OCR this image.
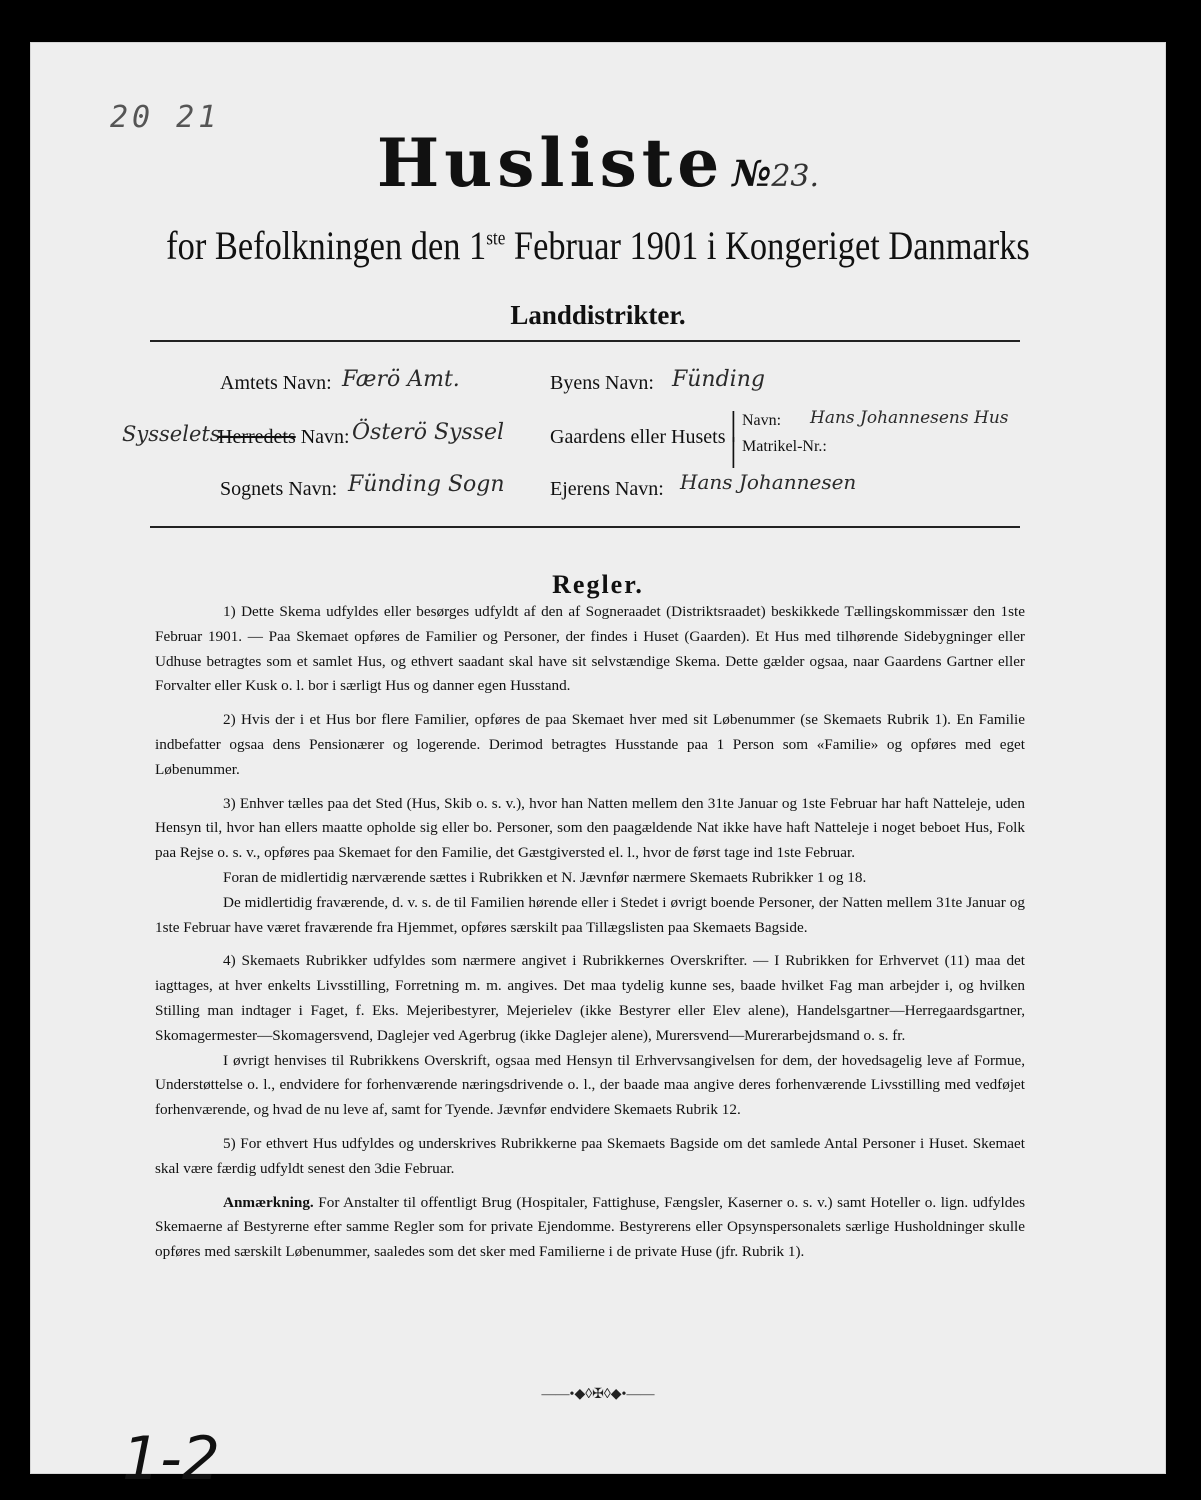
20 21
Husliste №23.
for Befolkningen den 1ste Februar 1901 i Kongeriget Danmarks
Landdistrikter.
Amtets Navn: Færö Amt.	Byens Navn: Fünding
Sysselets
Herredets Navn: Österö Syssel Gaardens eller Husets |
|
Navn: Hans Johannesens Hus
Matrikel-Nr.:
Sognets Navn: Fünding Sogn Ejerens Navn: Hans Johannesen
Regler.

1) Dette Skema udfyldes eller besørges udfyldt af den af Sogneraadet (Distriktsraadet) beskikkede Tællingskommissær den 1ste Februar 1901. — Paa Skemaet opføres de Familier og Personer, der findes i Huset (Gaarden). Et Hus med tilhørende Sidebygninger eller Udhuse betragtes som et samlet Hus, og ethvert saadant skal have sit selvstændige Skema. Dette gælder ogsaa, naar Gaardens Gartner eller Forvalter eller Kusk o. l. bor i særligt Hus og danner egen Husstand.

2) Hvis der i et Hus bor flere Familier, opføres de paa Skemaet hver med sit Løbenummer (se Skemaets Rubrik 1). En Familie indbefatter ogsaa dens Pensionærer og logerende. Derimod betragtes Husstande paa 1 Person som «Familie» og opføres med eget Løbenummer.

3) Enhver tælles paa det Sted (Hus, Skib o. s. v.), hvor han Natten mellem den 31te Januar og 1ste Februar har haft Natteleje, uden Hensyn til, hvor han ellers maatte opholde sig eller bo. Personer, som den paagældende Nat ikke have haft Natteleje i noget beboet Hus, Folk paa Rejse o. s. v., opføres paa Skemaet for den Familie, det Gæstgiversted el. l., hvor de først tage ind 1ste Februar.

Foran de midlertidig nærværende sættes i Rubrikken et N. Jævnfør nærmere Skemaets Rubrikker 1 og 18.

De midlertidig fraværende, d. v. s. de til Familien hørende eller i Stedet i øvrigt boende Personer, der Natten mellem 31te Januar og 1ste Februar have været fraværende fra Hjemmet, opføres særskilt paa Tillægslisten paa Skemaets Bagside.

4) Skemaets Rubrikker udfyldes som nærmere angivet i Rubrikkernes Overskrifter. — I Rubrikken for Erhvervet (11) maa det iagttages, at hver enkelts Livsstilling, Forretning m. m. angives. Det maa tydelig kunne ses, baade hvilket Fag man arbejder i, og hvilken Stilling man indtager i Faget, f. Eks. Mejeribestyrer, Mejerielev (ikke Bestyrer eller Elev alene), Handelsgartner—Herregaardsgartner, Skomagermester—Skomagersvend, Daglejer ved Agerbrug (ikke Daglejer alene), Murersvend—Murerarbejdsmand o. s. fr.

I øvrigt henvises til Rubrikkens Overskrift, ogsaa med Hensyn til Erhvervsangivelsen for dem, der hovedsagelig leve af Formue, Understøttelse o. l., endvidere for forhenværende næringsdrivende o. l., der baade maa angive deres forhenværende Livsstilling med vedføjet forhenværende, og hvad de nu leve af, samt for Tyende. Jævnfør endvidere Skemaets Rubrik 12.

5) For ethvert Hus udfyldes og underskrives Rubrikkerne paa Skemaets Bagside om det samlede Antal Personer i Huset. Skemaet skal være færdig udfyldt senest den 3die Februar.

Anmærkning. For Anstalter til offentligt Brug (Hospitaler, Fattighuse, Fængsler, Kaserner o. s. v.) samt Hoteller o. lign. udfyldes Skemaerne af Bestyrerne efter samme Regler som for private Ejendomme. Bestyrerens eller Opsynspersonalets særlige Husholdninger skulle opføres med særskilt Løbenummer, saaledes som det sker med Familierne i de private Huse (jfr. Rubrik 1).

——•◆◊✠◊◆•——
1-2
